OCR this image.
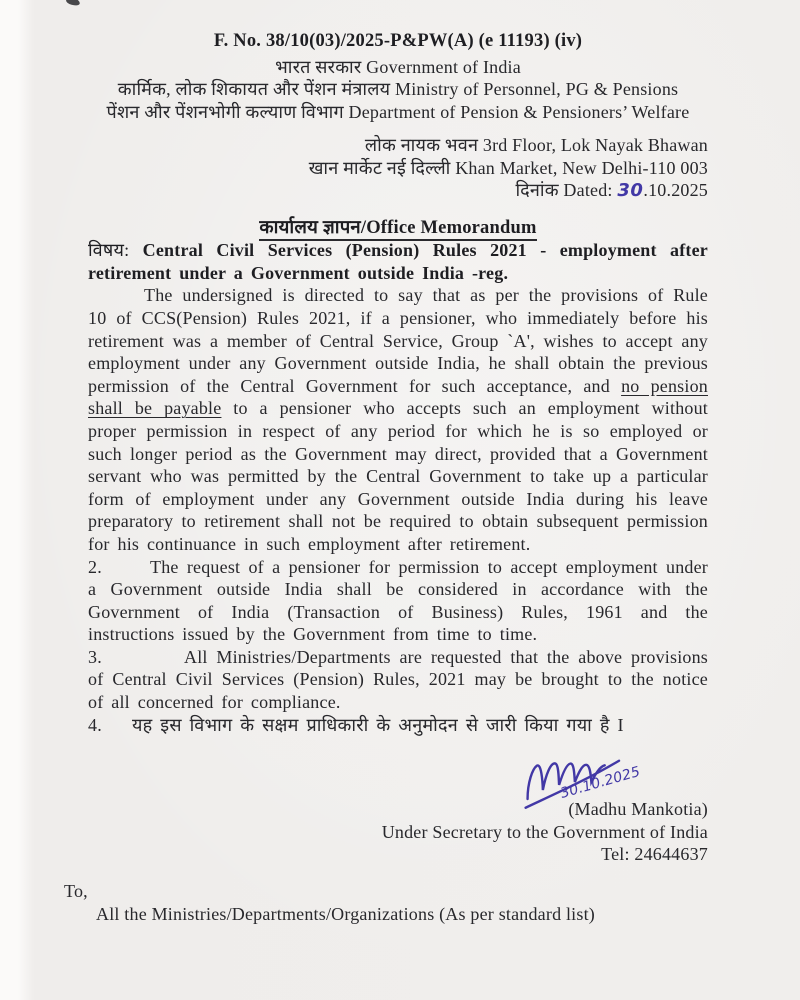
F. No. 38/10(03)/2025-P&PW(A) (e 11193) (iv)
भारत सरकार Government of India
कार्मिक, लोक शिकायत और पेंशन मंत्रालय Ministry of Personnel, PG & Pensions
पेंशन और पेंशनभोगी कल्याण विभाग Department of Pension & Pensioners’ Welfare
लोक नायक भवन 3rd Floor, Lok Nayak Bhawan
खान मार्केट नई दिल्ली Khan Market, New Delhi-110 003
दिनांक Dated: 30.10.2025
कार्यालय ज्ञापन/Office Memorandum

विषय: Central Civil Services (Pension) Rules 2021 - employment after retirement under a Government outside India -reg.

The undersigned is directed to say that as per the provisions of Rule 10 of CCS(Pension) Rules 2021, if a pensioner, who immediately before his retirement was a member of Central Service, Group `A', wishes to accept any employment under any Government outside India, he shall obtain the previous permission of the Central Government for such acceptance, and no pension shall be payable to a pensioner who accepts such an employment without proper permission in respect of any period for which he is so employed or such longer period as the Government may direct, provided that a Government servant who was permitted by the Central Government to take up a particular form of employment under any Government outside India during his leave preparatory to retirement shall not be required to obtain subsequent permission for his continuance in such employment after retirement.

2.	The request of a pensioner for permission to accept employment under a Government outside India shall be considered in accordance with the Government of India (Transaction of Business) Rules, 1961 and the instructions issued by the Government from time to time.

3.	All Ministries/Departments are requested that the above provisions of Central Civil Services (Pension) Rules, 2021 may be brought to the notice of all concerned for compliance.

4. यह इस विभाग के सक्षम प्राधिकारी के अनुमोदन से जारी किया गया है I

30.10.2025
(Madhu Mankotia)
Under Secretary to the Government of India
Tel: 24644637
To,
All the Ministries/Departments/Organizations (As per standard list)
